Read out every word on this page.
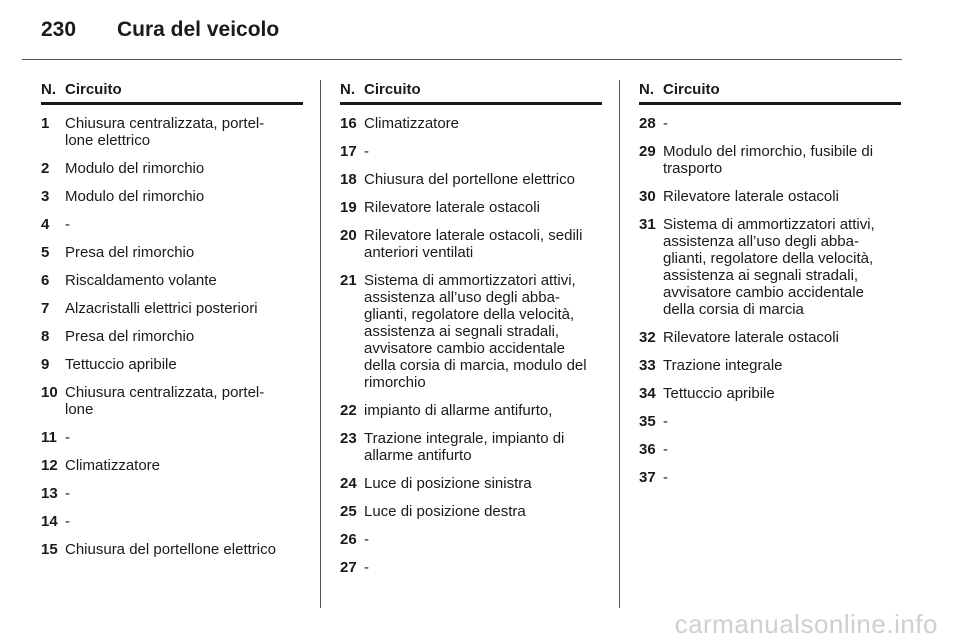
230	Cura del veicolo
N. Circuito
1	Chiusura centralizzata, portel-
lone elettrico
2	Modulo del rimorchio
3	Modulo del rimorchio
4	-
5	Presa del rimorchio
6	Riscaldamento volante
7	Alzacristalli elettrici posteriori
8	Presa del rimorchio
9	Tettuccio apribile
10 Chiusura centralizzata, portel-
lone
11 -
12 Climatizzatore
13 -
14 -
15 Chiusura del portellone elettrico
N. Circuito
16 Climatizzatore
17 -
18 Chiusura del portellone elettrico
19 Rilevatore laterale ostacoli
20 Rilevatore laterale ostacoli, sedili
anteriori ventilati
21 Sistema di ammortizzatori attivi,
assistenza all’uso degli abba-
glianti, regolatore della velocità,
assistenza ai segnali stradali,
avvisatore cambio accidentale
della corsia di marcia, modulo del
rimorchio
22 impianto di allarme antifurto,
23 Trazione integrale, impianto di
allarme antifurto
24 Luce di posizione sinistra
25 Luce di posizione destra
26 -
27 -
N. Circuito
28 -
29 Modulo del rimorchio, fusibile di
trasporto
30 Rilevatore laterale ostacoli
31 Sistema di ammortizzatori attivi,
assistenza all’uso degli abba-
glianti, regolatore della velocità,
assistenza ai segnali stradali,
avvisatore cambio accidentale
della corsia di marcia
32 Rilevatore laterale ostacoli
33 Trazione integrale
34 Tettuccio apribile
35 -
36 -
37 -
carmanualsonline.info
